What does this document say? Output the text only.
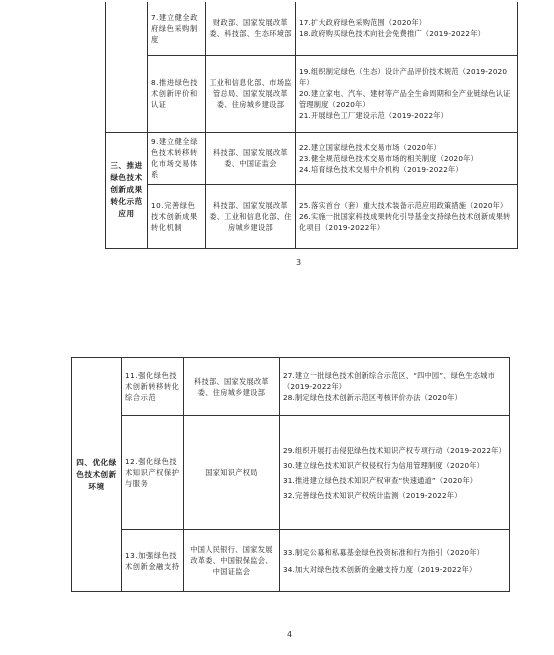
	7.建立健全政府绿色采购制度	财政部、国家发展改革委、科技部、生态环境部	17.扩大政府绿色采购范围（2020年）
18.政府购买绿色技术向社会免费推广（2019-2022年）

	8.推进绿色技术创新评价和认证	工业和信息化部、市场监管总局、国家发展改革委、住房城乡建设部	19.组织制定绿色（生态）设计产品评价技术规范（2019-2020年）
20.建立家电、汽车、建材等产品全生命周期和全产业链绿色认证管理制度（2020年）
21.开展绿色工厂建设示范（2019-2022年）

三、推进绿色技术创新成果转化示范应用	9.建立健全绿色技术转移转化市场交易体系	科技部、国家发展改革委、中国证监会	22.建立国家绿色技术交易市场（2020年）
23.健全规范绿色技术交易市场的相关制度（2020年）
24.培育绿色技术交易中介机构（2019-2022年）

	10.完善绿色技术创新成果转化机制	科技部、国家发展改革委、工业和信息化部、住房城乡建设部	25.落实首台（套）重大技术装备示范应用政策措施（2020年）
26.实施一批国家科技成果转化引导基金支持绿色技术创新成果转化项目（2019-2022年）
3
四、优化绿色技术创新环境	11.强化绿色技术创新转移转化综合示范	科技部、国家发展改革委、住房城乡建设部	27.建立一批绿色技术创新综合示范区、“四中园”、绿色生态城市（2019-2022年）
28.制定绿色技术创新示范区考核评价办法（2020年）

	12.强化绿色技术知识产权保护与服务	国家知识产权局	29.组织开展打击侵犯绿色技术知识产权专项行动（2019-2022年）
30.建立绿色技术知识产权侵权行为信用管理制度（2020年）
31.推进建立绿色技术知识产权审查“快速通道”（2020年）
32.完善绿色技术知识产权统计监测（2019-2022年）

	13.加强绿色技术创新金融支持	中国人民银行、国家发展改革委、中国银保监会、中国证监会	33.制定公募和私募基金绿色投资标准和行为指引（2020年）
34.加大对绿色技术创新的金融支持力度（2019-2022年）
4
